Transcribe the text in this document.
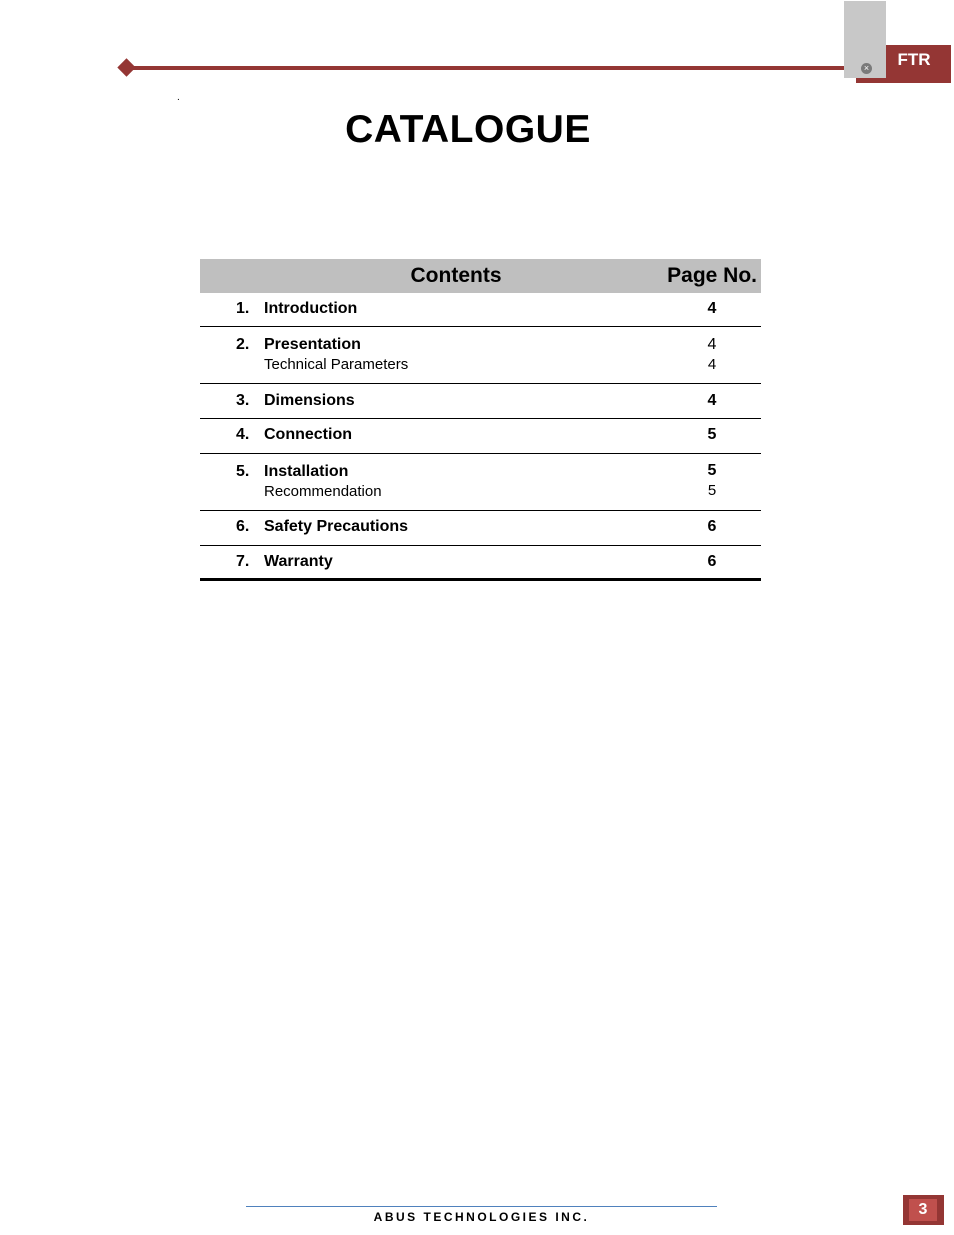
×	FTR
.
CATALOGUE
Contents	Page No.
1. Introduction	4
2. Presentation	4
Technical Parameters	4
3. Dimensions	4
4. Connection	5
5. Installation	5
Recommendation	5
6. Safety Precautions	6
7. Warranty	6
ABUS TECHNOLOGIES INC.	3
